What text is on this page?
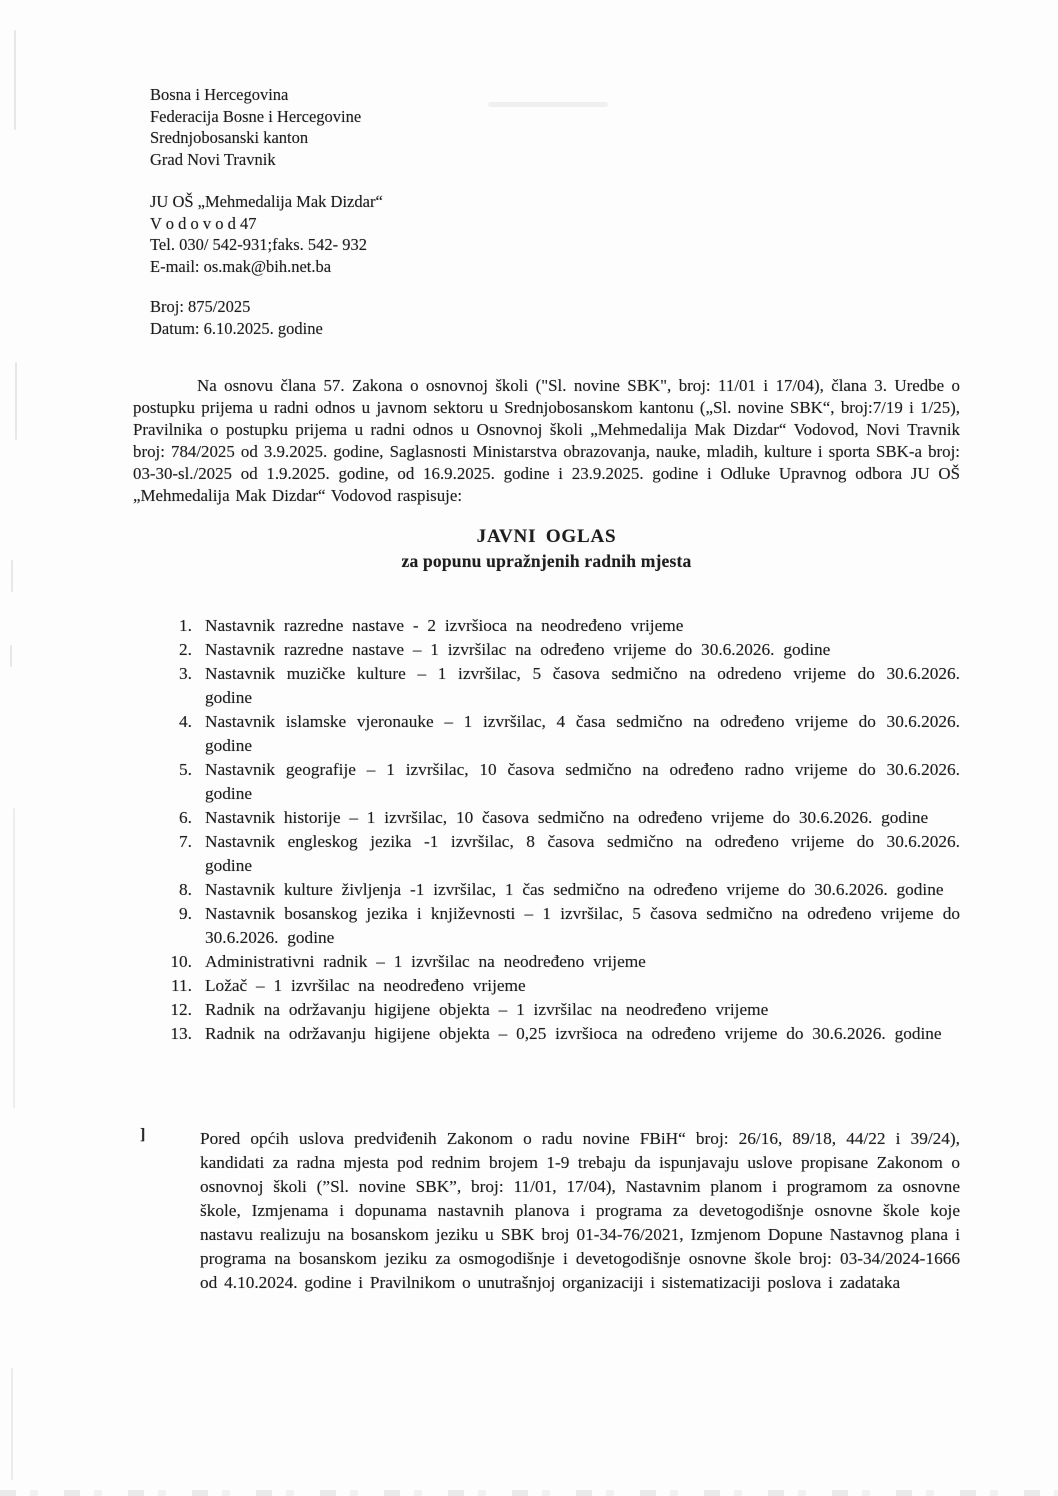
Bosna i Hercegovina
Federacija Bosne i Hercegovine
Srednjobosanski kanton
Grad Novi Travnik
JU OŠ „Mehmedalija Mak Dizdar“
V o d o v o d 47
Tel. 030/ 542-931;faks. 542- 932
E-mail: os.mak@bih.net.ba
Broj: 875/2025
Datum: 6.10.2025. godine

Na osnovu člana 57. Zakona o osnovnoj školi ("Sl. novine SBK", broj: 11/01 i 17/04), člana 3. Uredbe o postupku prijema u radni odnos u javnom sektoru u Srednjobosanskom kantonu („Sl. novine SBK“, broj:7/19 i 1/25), Pravilnika o postupku prijema u radni odnos u Osnovnoj školi „Mehmedalija Mak Dizdar“ Vodovod, Novi Travnik broj: 784/2025 od 3.9.2025. godine, Saglasnosti Ministarstva obrazovanja, nauke, mladih, kulture i sporta SBK-a broj: 03-30-sl./2025 od 1.9.2025. godine, od 16.9.2025. godine i 23.9.2025. godine i Odluke Upravnog odbora JU OŠ „Mehmedalija Mak Dizdar“ Vodovod raspisuje:

JAVNI OGLAS
za popunu upražnjenih radnih mjesta
1. Nastavnik razredne nastave - 2 izvršioca na neodređeno vrijeme
2. Nastavnik razredne nastave – 1 izvršilac na određeno vrijeme do 30.6.2026. godine
3. Nastavnik muzičke kulture – 1 izvršilac, 5 časova sedmično na odredeno vrijeme do 30.6.2026. godine
4. Nastavnik islamske vjeronauke – 1 izvršilac, 4 časa sedmično na određeno vrijeme do 30.6.2026. godine
5. Nastavnik geografije – 1 izvršilac, 10 časova sedmično na određeno radno vrijeme do 30.6.2026. godine
6. Nastavnik historije – 1 izvršilac, 10 časova sedmično na određeno vrijeme do 30.6.2026. godine
7. Nastavnik engleskog jezika -1 izvršilac, 8 časova sedmično na određeno vrijeme do 30.6.2026. godine
8. Nastavnik kulture življenja -1 izvršilac, 1 čas sedmično na određeno vrijeme do 30.6.2026. godine
9. Nastavnik bosanskog jezika i književnosti – 1 izvršilac, 5 časova sedmično na određeno vrijeme do 30.6.2026. godine
10. Administrativni radnik – 1 izvršilac na neodređeno vrijeme
11. Ložač – 1 izvršilac na neodređeno vrijeme
12. Radnik na održavanju higijene objekta – 1 izvršilac na neodređeno vrijeme
13. Radnik na održavanju higijene objekta – 0,25 izvršioca na određeno vrijeme do 30.6.2026. godine
]	Pored općih uslova predviđenih Zakonom o radu novine FBiH“ broj: 26/16, 89/18, 44/22 i 39/24), kandidati za radna mjesta pod rednim brojem 1-9 trebaju da ispunjavaju uslove propisane Zakonom o osnovnoj školi (”Sl. novine SBK”, broj: 11/01, 17/04), Nastavnim planom i programom za osnovne škole, Izmjenama i dopunama nastavnih planova i programa za devetogodišnje osnovne škole koje nastavu realizuju na bosanskom jeziku u SBK broj 01-34-76/2021, Izmjenom Dopune Nastavnog plana i programa na bosanskom jeziku za osmogodišnje i devetogodišnje osnovne škole broj: 03-34/2024-1666 od 4.10.2024. godine i Pravilnikom o unutrašnjoj organizaciji i sistematizaciji poslova i zadataka
